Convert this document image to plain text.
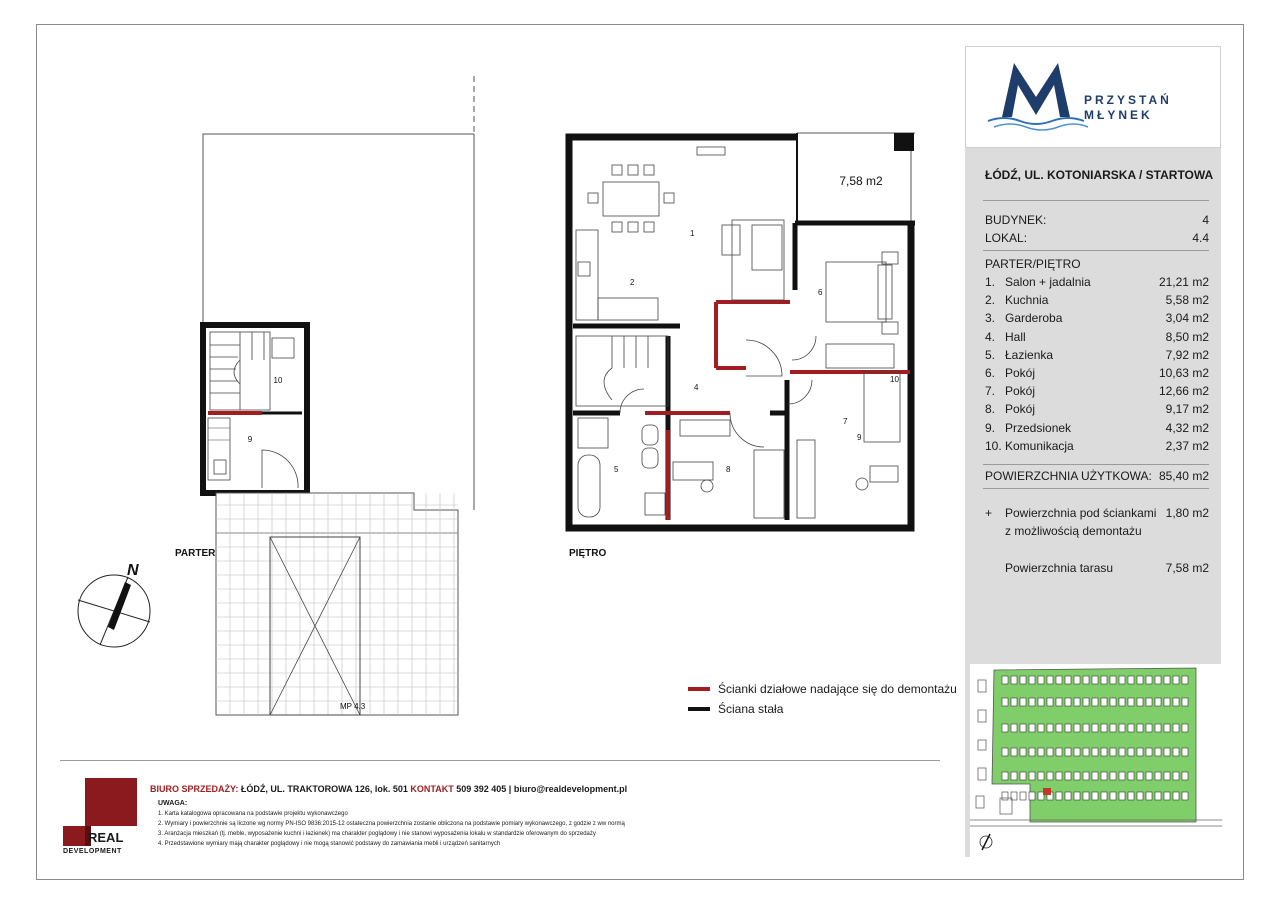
10
9
MP 4.3
PARTER
N
7,58 m2
1
2
4
5
6
7
8
9
10
PIĘTRO
Ścianki działowe nadające się do demontażu
Ściana stała
PRZYSTAŃ
MŁYNEK
ŁÓDŹ, UL. KOTONIARSKA / STARTOWA
BUDYNEK:	4
LOKAL:	4.4
PARTER/PIĘTRO
1. Salon + jadalnia	21,21 m2
2. Kuchnia	5,58 m2
3. Garderoba	3,04 m2
4. Hall	8,50 m2
5. Łazienka	7,92 m2
6. Pokój	10,63 m2
7. Pokój	12,66 m2
8. Pokój	9,17 m2
9. Przedsionek	4,32 m2
10. Komunikacja	2,37 m2
POWIERZCHNIA UŻYTKOWA: 85,40 m2
+ Powierzchnia pod ściankami 1,80 m2
z możliwością demontażu
Powierzchnia tarasu	7,58 m2
REAL
DEVELOPMENT
BIURO SPRZEDAŻY: ŁÓDŹ, UL. TRAKTOROWA 126, lok. 501 KONTAKT 509 392 405 | biuro@realdevelopment.pl
UWAGA:
1. Karta katalogowa opracowana na podstawie projektu wykonawczego
2. Wymiary i powierzchnie są liczone wg normy PN-ISO 9836:2015-12 ostateczna powierzchnia zostanie obliczona na podstawie pomiary wykonawczego, z godzie z ww normą
3. Aranżacja mieszkań (tj. meble, wyposażenie kuchni i łazienek) ma charakter poglądowy i nie stanowi wyposażenia lokalu w standardzie oferowanym do sprzedaży
4. Przedstawione wymiary mają charakter poglądowy i nie mogą stanowić podstawy do zamawiania mebli i urządzeń sanitarnych
